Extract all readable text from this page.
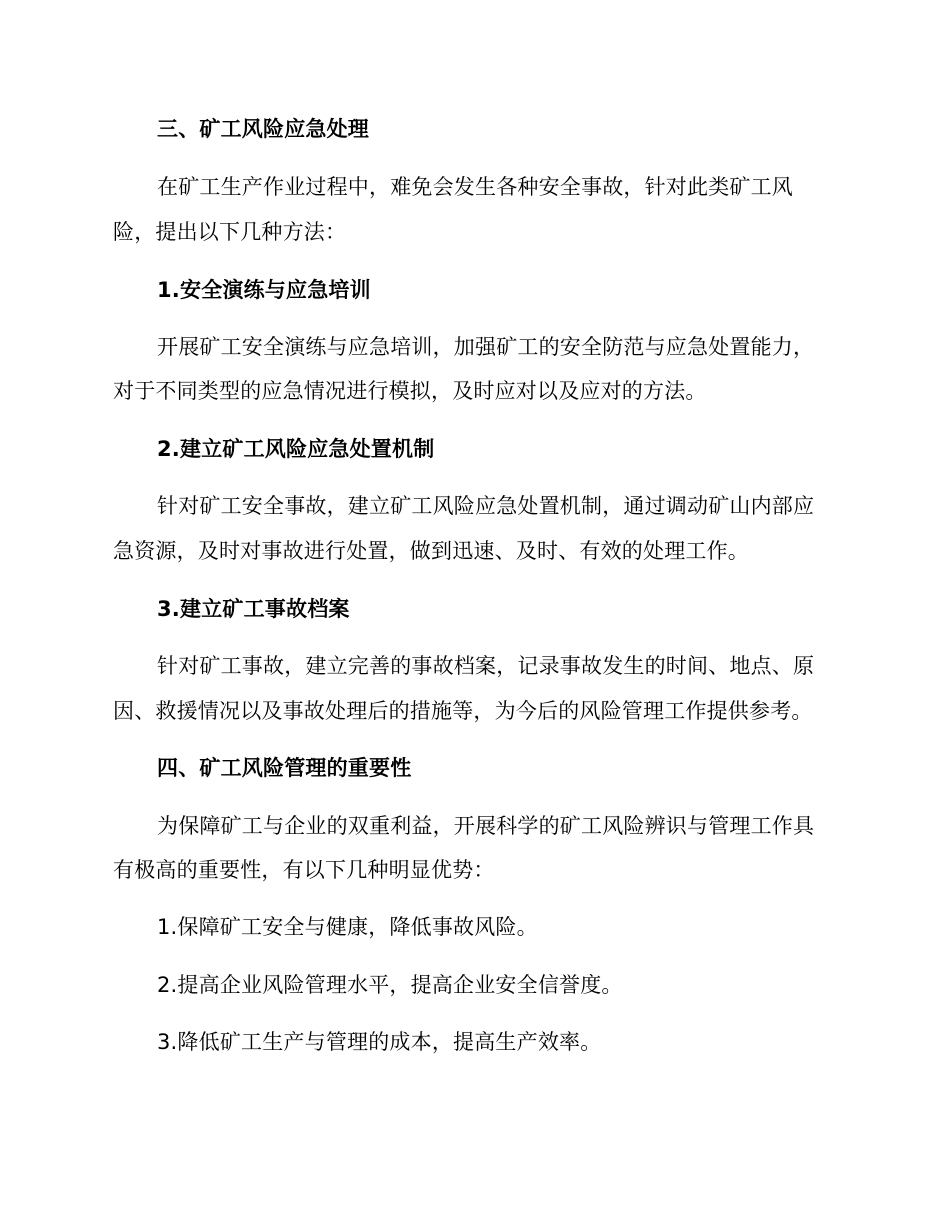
三、矿工风险应急处理
在矿工生产作业过程中，难免会发生各种安全事故，针对此类矿工风
险，提出以下几种方法：
1.安全演练与应急培训
开展矿工安全演练与应急培训，加强矿工的安全防范与应急处置能力，
对于不同类型的应急情况进行模拟，及时应对以及应对的方法。
2.建立矿工风险应急处置机制
针对矿工安全事故，建立矿工风险应急处置机制，通过调动矿山内部应
急资源，及时对事故进行处置，做到迅速、及时、有效的处理工作。
3.建立矿工事故档案
针对矿工事故，建立完善的事故档案，记录事故发生的时间、地点、原
因、救援情况以及事故处理后的措施等，为今后的风险管理工作提供参考。
四、矿工风险管理的重要性
为保障矿工与企业的双重利益，开展科学的矿工风险辨识与管理工作具
有极高的重要性，有以下几种明显优势：
1.保障矿工安全与健康，降低事故风险。
2.提高企业风险管理水平，提高企业安全信誉度。
3.降低矿工生产与管理的成本，提高生产效率。
